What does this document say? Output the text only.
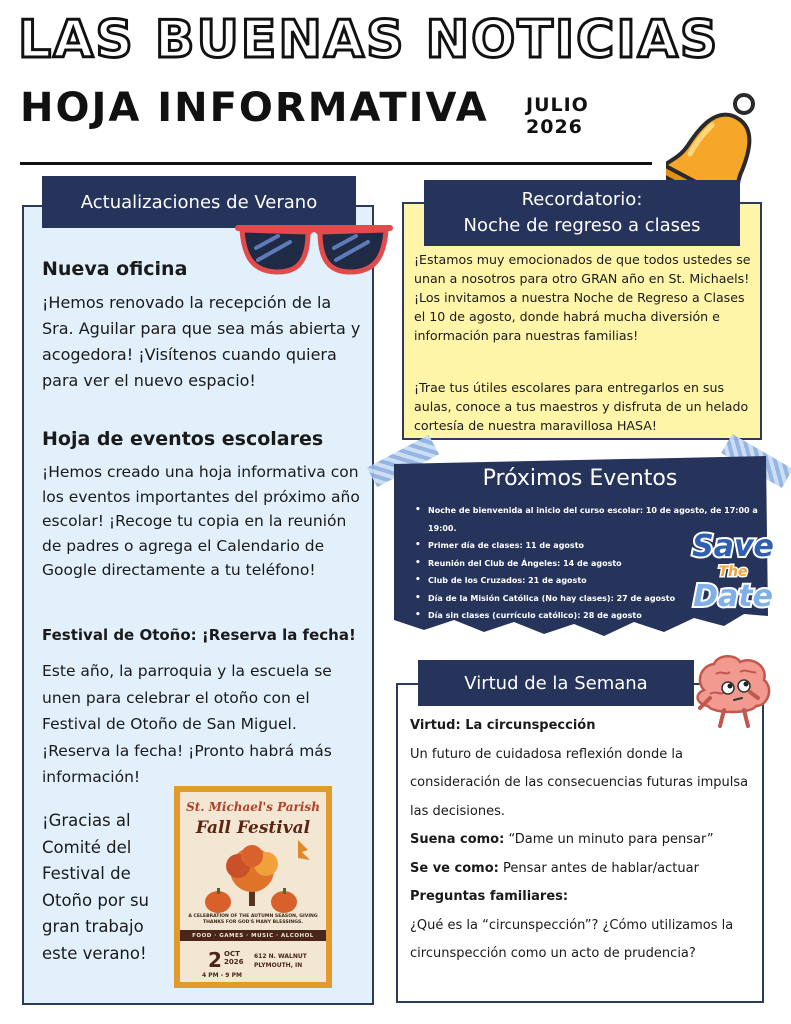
LAS BUENAS NOTICIAS
HOJA INFORMATIVA JULIO
2026
Actualizaciones de Verano
Nueva oficina
¡Hemos renovado la recepción de la Sra. Aguilar para que sea más abierta y acogedora! ¡Visítenos cuando quiera para ver el nuevo espacio!
Hoja de eventos escolares
¡Hemos creado una hoja informativa con los eventos importantes del próximo año escolar! ¡Recoge tu copia en la reunión de padres o agrega el Calendario de Google directamente a tu teléfono!
Festival de Otoño: ¡Reserva la fecha!
Este año, la parroquia y la escuela se unen para celebrar el otoño con el Festival de Otoño de San Miguel. ¡Reserva la fecha! ¡Pronto habrá más información!
¡Gracias al Comité del Festival de Otoño por su gran trabajo este verano!
St. Michael's Parish
Fall Festival
A CELEBRATION OF THE AUTUMN SEASON, GIVING THANKS FOR GOD'S MANY BLESSINGS.
FOOD · GAMES · MUSIC · ALCOHOL
2 OCT
2026
4 PM - 9 PM
612 N. WALNUT
PLYMOUTH, IN
Recordatorio:
Noche de regreso a clases
¡Estamos muy emocionados de que todos ustedes se unan a nosotros para otro GRAN año en St. Michaels! ¡Los invitamos a nuestra Noche de Regreso a Clases el 10 de agosto, donde habrá mucha diversión e información para nuestras familias!
¡Trae tus útiles escolares para entregarlos en sus aulas, conoce a tus maestros y disfruta de un helado cortesía de nuestra maravillosa HASA!
Próximos Eventos
• Noche de bienvenida al inicio del curso escolar: 10 de agosto, de 17:00 a 19:00.
• Primer día de clases: 11 de agosto
• Reunión del Club de Ángeles: 14 de agosto
• Club de los Cruzados: 21 de agosto
• Día de la Misión Católica (No hay clases): 27 de agosto
• Día sin clases (currículo católico): 28 de agosto
Save
The
Date
Virtud de la Semana
Virtud: La circunspección
Un futuro de cuidadosa reflexión donde la consideración de las consecuencias futuras impulsa las decisiones.
Suena como: “Dame un minuto para pensar”
Se ve como: Pensar antes de hablar/actuar
Preguntas familiares:
¿Qué es la “circunspección”? ¿Cómo utilizamos la circunspección como un acto de prudencia?
